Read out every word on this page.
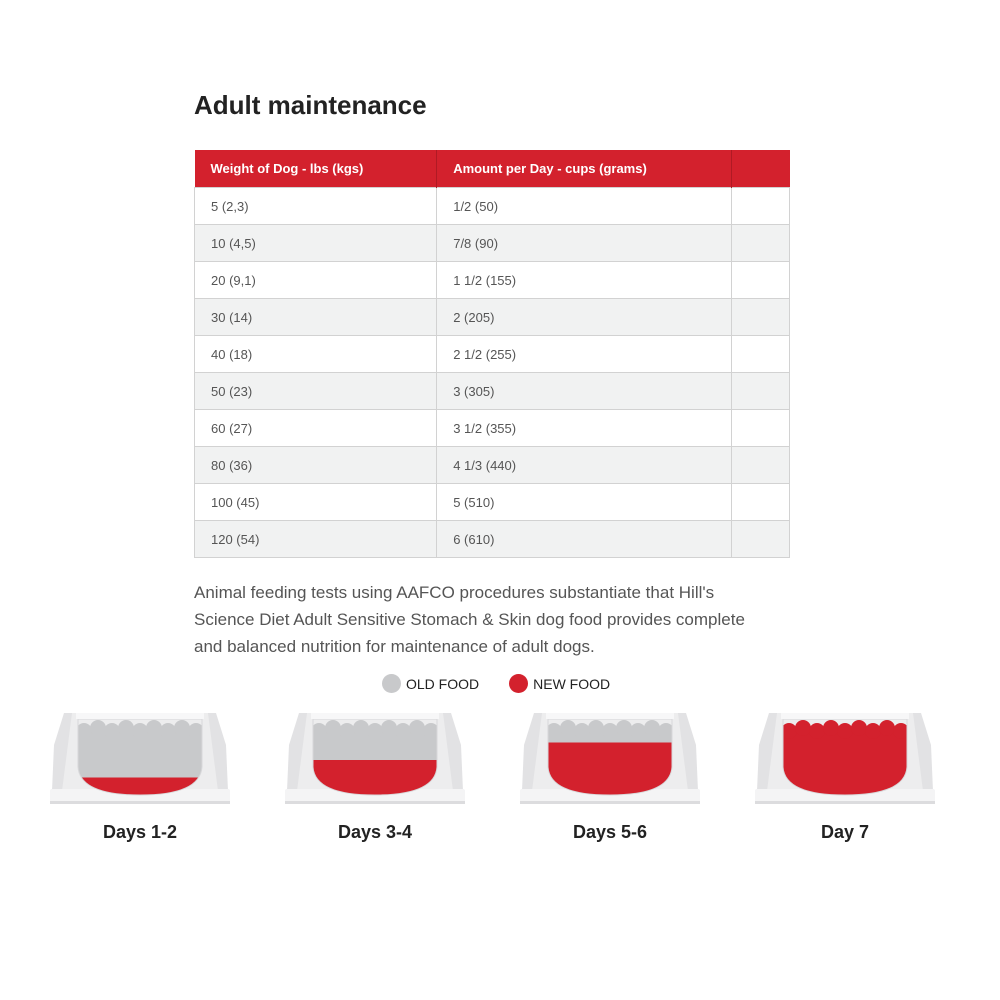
Adult maintenance
Weight of Dog - lbs (kgs)	Amount per Day - cups (grams)	
5 (2,3)	1/2 (50)	
10 (4,5)	7/8 (90)	
20 (9,1)	1 1/2 (155)	
30 (14)	2 (205)	
40 (18)	2 1/2 (255)	
50 (23)	3 (305)	
60 (27)	3 1/2 (355)	
80 (36)	4 1/3 (440)	
100 (45)	5 (510)	
120 (54)	6 (610)	

Animal feeding tests using AAFCO procedures substantiate that Hill's Science Diet Adult Sensitive Stomach & Skin dog food provides complete and balanced nutrition for maintenance of adult dogs.

OLD FOOD	NEW FOOD
Days 1-2	Days 3-4	Days 5-6	Day 7
